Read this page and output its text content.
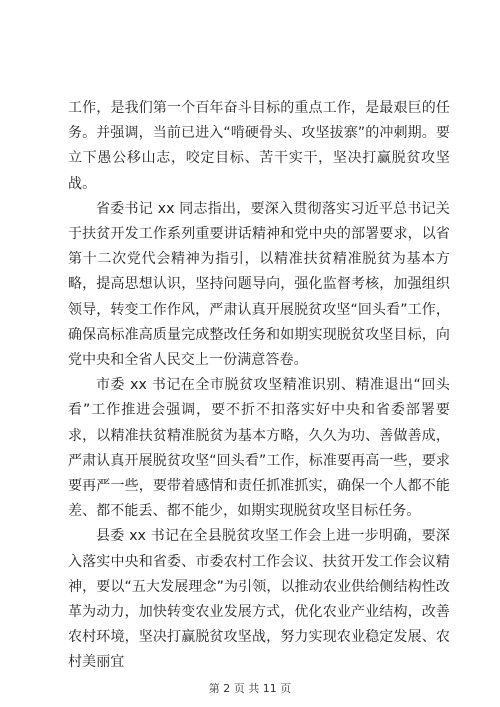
工作，是我们第一个百年奋斗目标的重点工作，是最艰巨的任务。并强调，当前已进入“啃硬骨头、攻坚拔寨”的冲刺期。要立下愚公移山志，咬定目标、苦干实干，坚决打赢脱贫攻坚战。

省委书记 xx 同志指出，要深入贯彻落实习近平总书记关于扶贫开发工作系列重要讲话精神和党中央的部署要求，以省第十二次党代会精神为指引，以精准扶贫精准脱贫为基本方略，提高思想认识，坚持问题导向，强化监督考核，加强组织领导，转变工作作风，严肃认真开展脱贫攻坚“回头看”工作，确保高标准高质量完成整改任务和如期实现脱贫攻坚目标，向党中央和全省人民交上一份满意答卷。

市委 xx 书记在全市脱贫攻坚精准识别、精准退出“回头看”工作推进会强调，要不折不扣落实好中央和省委部署要求，以精准扶贫精准脱贫为基本方略，久久为功、善做善成，严肃认真开展脱贫攻坚“回头看”工作，标准要再高一些，要求要再严一些，要带着感情和责任抓准抓实，确保一个人都不能差、都不能丢、都不能少，如期实现脱贫攻坚目标任务。

县委 xx 书记在全县脱贫攻坚工作会上进一步明确，要深入落实中央和省委、市委农村工作会议、扶贫开发工作会议精神，要以“五大发展理念”为引领，以推动农业供给侧结构性改革为动力，加快转变农业发展方式，优化农业产业结构，改善农村环境，坚决打赢脱贫攻坚战，努力实现农业稳定发展、农村美丽宜

第 2 页 共 11 页
